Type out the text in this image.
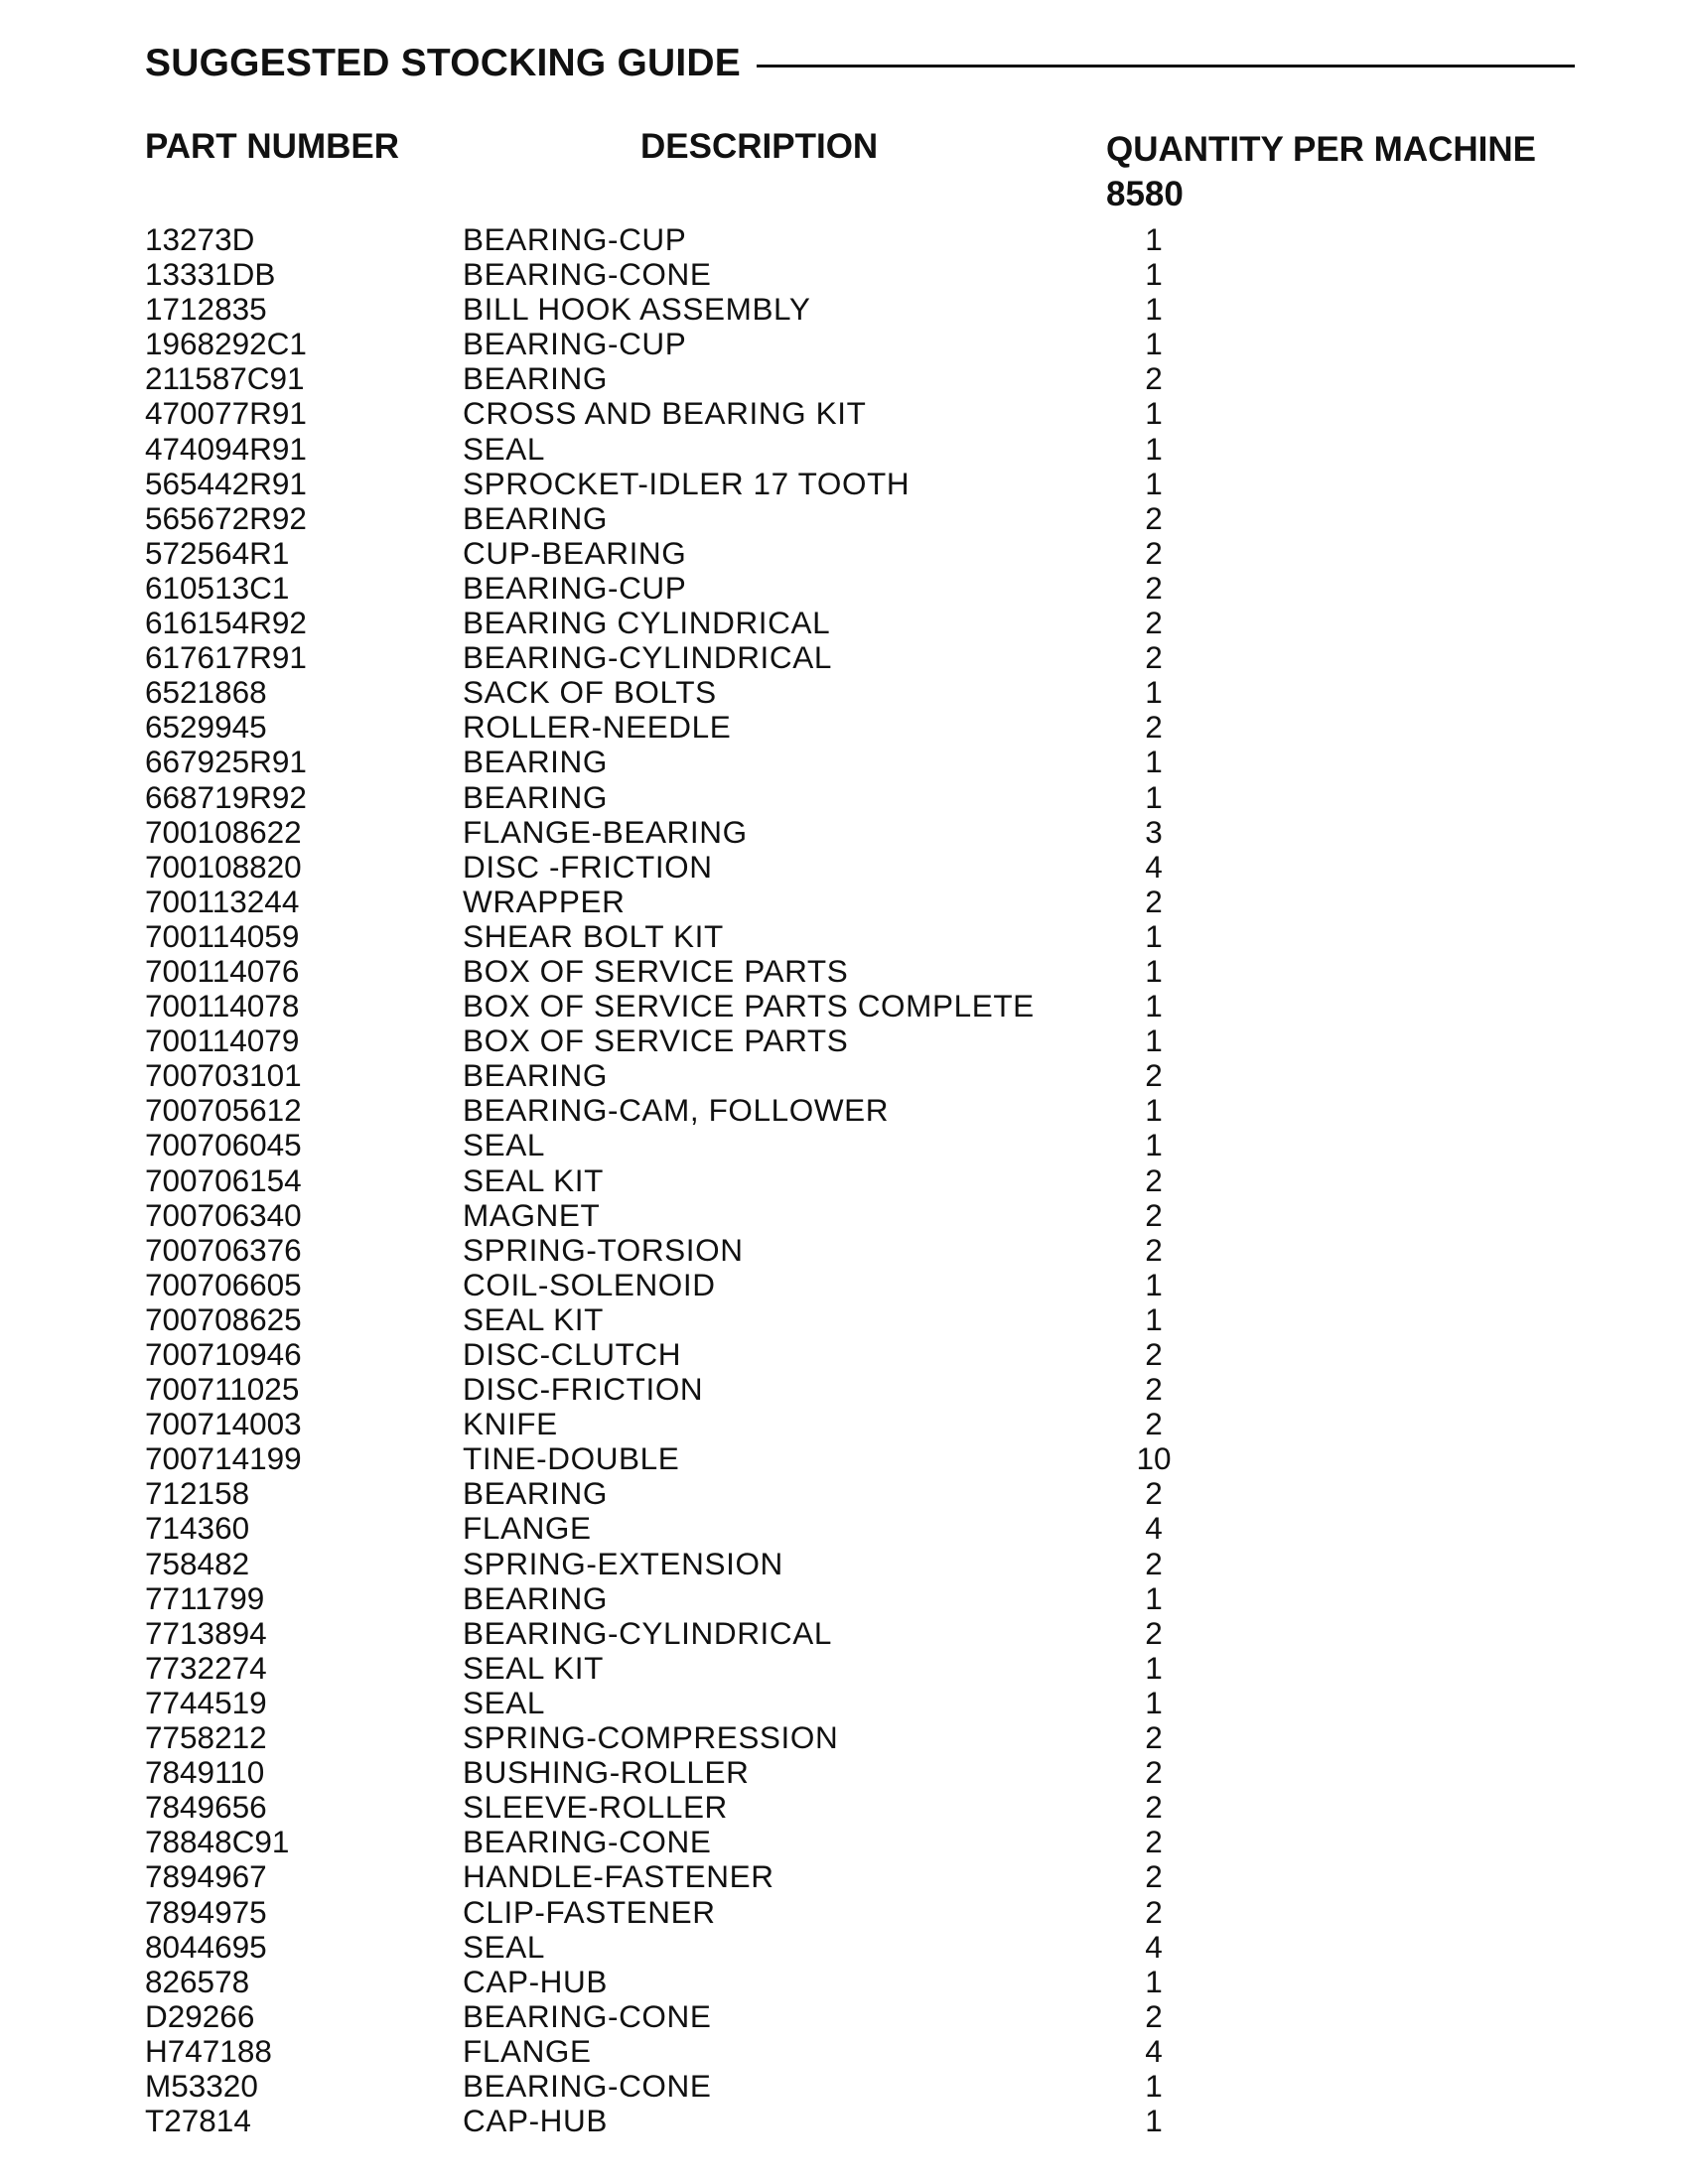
SUGGESTED STOCKING GUIDE
PART NUMBER	DESCRIPTION	QUANTITY PER MACHINE
8580
13273D	BEARING-CUP	1
13331DB	BEARING-CONE	1
1712835	BILL HOOK ASSEMBLY	1
1968292C1	BEARING-CUP	1
211587C91	BEARING	2
470077R91	CROSS AND BEARING KIT	1
474094R91	SEAL	1
565442R91	SPROCKET-IDLER 17 TOOTH	1
565672R92	BEARING	2
572564R1	CUP-BEARING	2
610513C1	BEARING-CUP	2
616154R92	BEARING CYLINDRICAL	2
617617R91	BEARING-CYLINDRICAL	2
6521868	SACK OF BOLTS	1
6529945	ROLLER-NEEDLE	2
667925R91	BEARING	1
668719R92	BEARING	1
700108622	FLANGE-BEARING	3
700108820	DISC -FRICTION	4
700113244	WRAPPER	2
700114059	SHEAR BOLT KIT	1
700114076	BOX OF SERVICE PARTS	1
700114078	BOX OF SERVICE PARTS COMPLETE	1
700114079	BOX OF SERVICE PARTS	1
700703101	BEARING	2
700705612	BEARING-CAM, FOLLOWER	1
700706045	SEAL	1
700706154	SEAL KIT	2
700706340	MAGNET	2
700706376	SPRING-TORSION	2
700706605	COIL-SOLENOID	1
700708625	SEAL KIT	1
700710946	DISC-CLUTCH	2
700711025	DISC-FRICTION	2
700714003	KNIFE	2
700714199	TINE-DOUBLE	10
712158	BEARING	2
714360	FLANGE	4
758482	SPRING-EXTENSION	2
7711799	BEARING	1
7713894	BEARING-CYLINDRICAL	2
7732274	SEAL KIT	1
7744519	SEAL	1
7758212	SPRING-COMPRESSION	2
7849110	BUSHING-ROLLER	2
7849656	SLEEVE-ROLLER	2
78848C91	BEARING-CONE	2
7894967	HANDLE-FASTENER	2
7894975	CLIP-FASTENER	2
8044695	SEAL	4
826578	CAP-HUB	1
D29266	BEARING-CONE	2
H747188	FLANGE	4
M53320	BEARING-CONE	1
T27814	CAP-HUB	1
